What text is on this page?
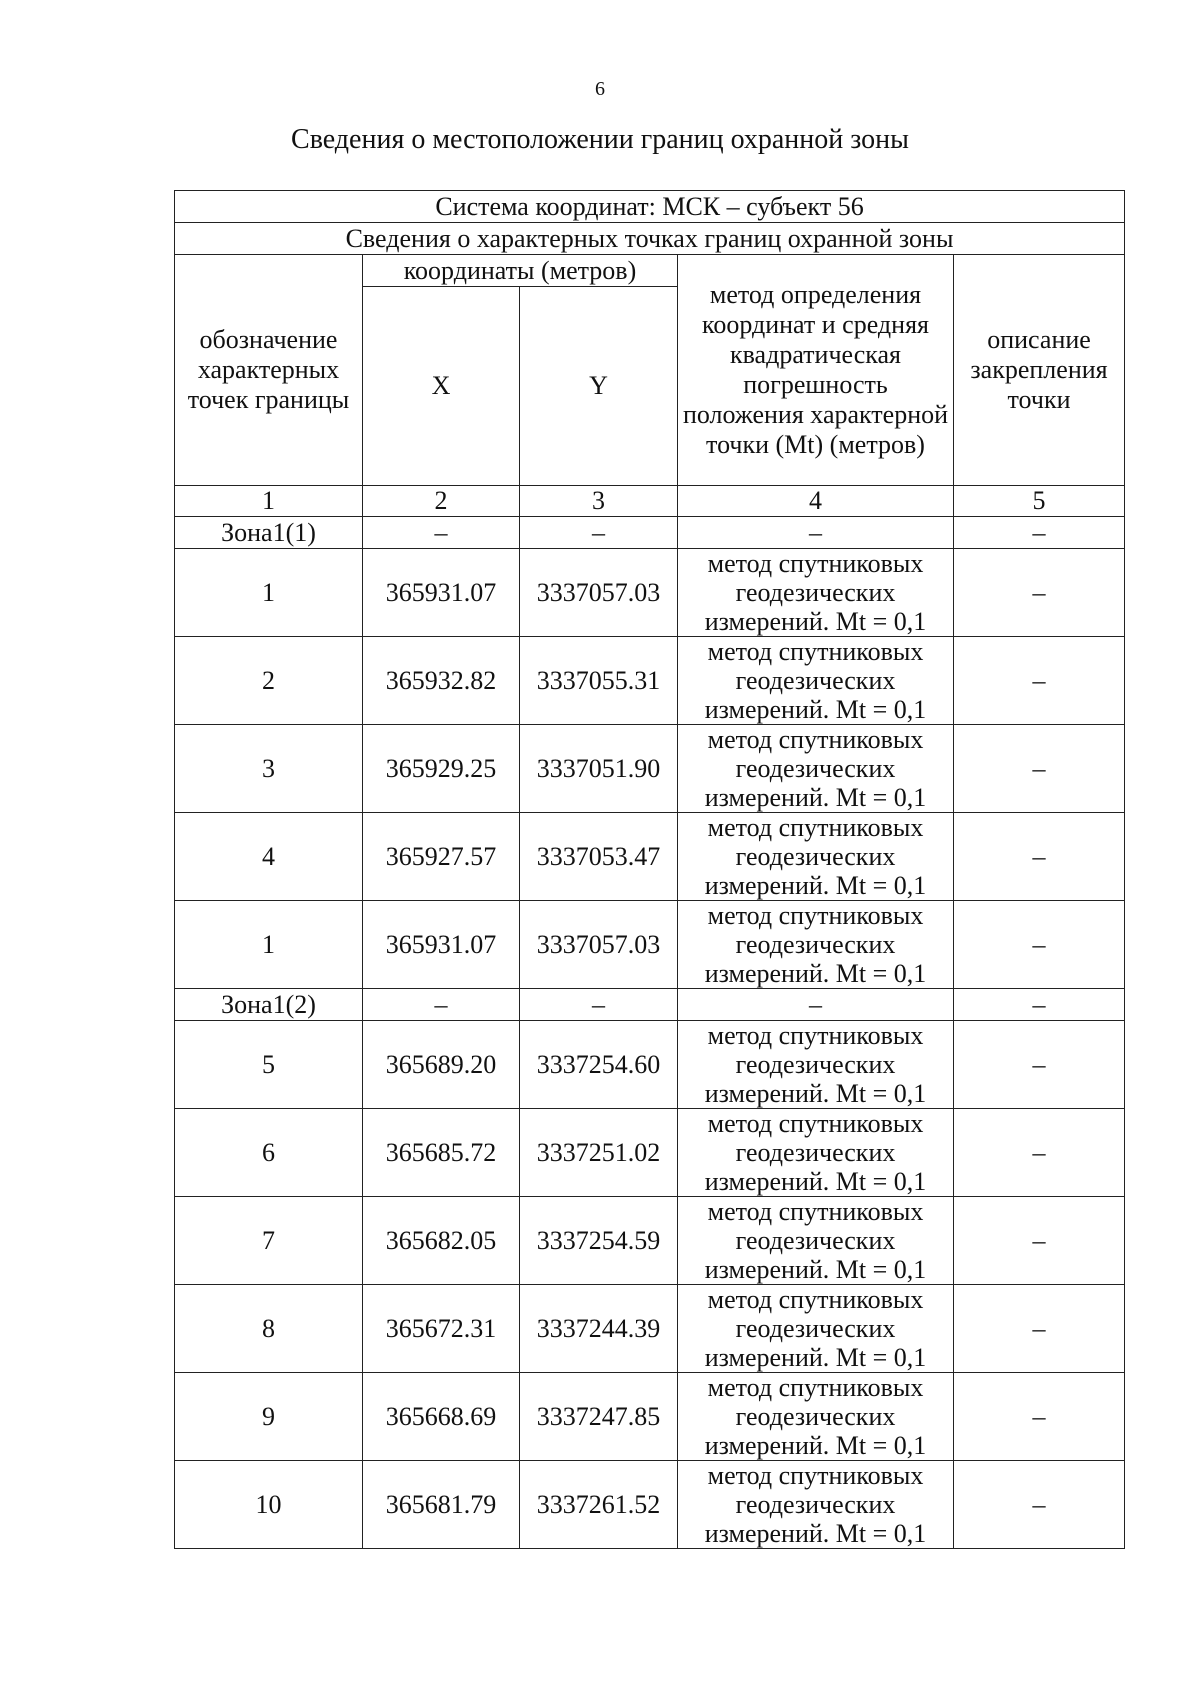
6
Сведения о местоположении границ охранной зоны
Система координат: МСК – субъект 56				
Сведения о характерных точках границ охранной зоны				
обозначение характерных точек границы	координаты (метров)		метод определения координат и средняя квадратическая погрешность положения характерной точки (Mt) (метров)	описание закрепления точки
	X	Y		
1	2	3	4	5
Зона1(1)	–	–	–	–
1	365931.07	3337057.03	метод спутниковых геодезических измерений. Mt = 0,1	–
2	365932.82	3337055.31	метод спутниковых геодезических измерений. Mt = 0,1	–
3	365929.25	3337051.90	метод спутниковых геодезических измерений. Mt = 0,1	–
4	365927.57	3337053.47	метод спутниковых геодезических измерений. Mt = 0,1	–
1	365931.07	3337057.03	метод спутниковых геодезических измерений. Mt = 0,1	–
Зона1(2)	–	–	–	–
5	365689.20	3337254.60	метод спутниковых геодезических измерений. Mt = 0,1	–
6	365685.72	3337251.02	метод спутниковых геодезических измерений. Mt = 0,1	–
7	365682.05	3337254.59	метод спутниковых геодезических измерений. Mt = 0,1	–
8	365672.31	3337244.39	метод спутниковых геодезических измерений. Mt = 0,1	–
9	365668.69	3337247.85	метод спутниковых геодезических измерений. Mt = 0,1	–
10	365681.79	3337261.52	метод спутниковых геодезических измерений. Mt = 0,1	–
